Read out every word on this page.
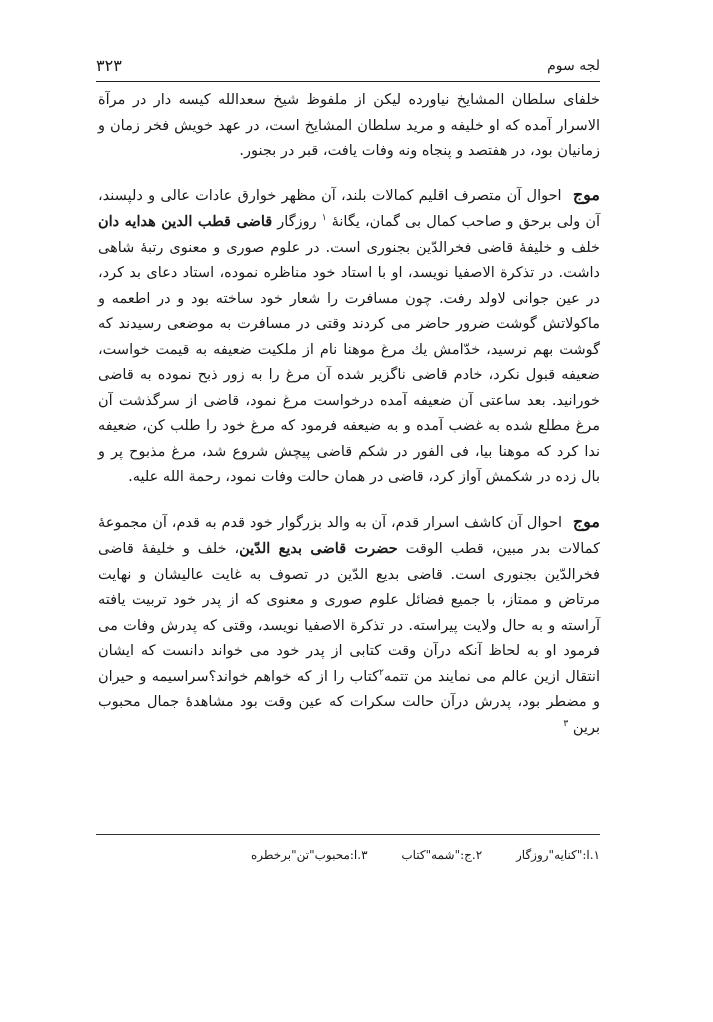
لجه سوم
۳۲۳

خلفای سلطان المشایخ نیاورده لیکن از ملفوظ شیخ سعدالله کیسه دار در مرآة الاسرار آمده که او خلیفه و مرید سلطان المشایخ است، در عهد خویش فخر زمان و زمانیان بود، در هفتصد و پنجاه ونه وفات یافت، قبر در بجنور.

موج احوال آن متصرف اقلیم کمالات بلند، آن مظهر خوارق عادات عالی و دلپسند، آن ولی برحق و صاحب کمال بی گمان، یگانهٔ $^۱$ روزگار قاضی قطب الدین هدایه دان خلف و خلیفهٔ قاضی فخرالدّین بجنوری است. در علوم صوری و معنوی رتبهٔ شاهی داشت. در تذکرة الاصفیا نویسد، او با استاد خود مناظره نموده، استاد دعای بد کرد، در عین جوانی لاولد رفت. چون مسافرت را شعار خود ساخته بود و در اطعمه و ماکولاتش گوشت ضرور حاضر می کردند وقتی در مسافرت به موضعی رسیدند که گوشت بهم نرسید، خدّامش یك مرغ موهنا نام از ملکیت ضعیفه به قیمت خواست، ضعیفه قبول نکرد، خادم قاضی ناگزیر شده آن مرغ را به زور ذبح نموده به قاضی خورانید. بعد ساعتی آن ضعیفه آمده درخواست مرغ نمود، قاضی از سرگذشت آن مرغ مطلع شده به غضب آمده و به ضیعفه فرمود که مرغ خود را طلب کن، ضعیفه ندا کرد که موهنا بیا، فی الفور در شکم قاضی پیچش شروع شد، مرغ مذبوح پر و بال زده در شکمش آواز کرد، قاضی در همان حالت وفات نمود، رحمة الله علیه.

موج احوال آن کاشف اسرار قدم، آن به والد بزرگوار خود قدم به قدم، آن مجموعهٔ کمالات بدر مبین، قطب الوقت حضرت قاضی بدیع الدّین، خلف و خلیفهٔ قاضی فخرالدّین بجنوری است. قاضی بدیع الدّین در تصوف به غایت عالیشان و نهایت مرتاض و ممتاز، با جمیع فضائل علوم صوری و معنوی که از پدر خود تربیت یافته آراسته و به حال ولایت پیراسته. در تذکرة الاصفیا نویسد، وقتی که پدرش وفات می فرمود او به لحاظ آنکه درآن وقت کتابی از پدر خود می خواند دانست که ایشان انتقال ازین عالم می نمایند من تتمه$^۲$کتاب را از که خواهم خواند؟سراسیمه و حیران و مضطر بود، پدرش درآن حالت سکرات که عین وقت بود مشاهدهٔ جمال محبوب برین $^۳$

۱.ا:"کنایه"روزگار ۲.ج:"شمه"کتاب ۳.ا:محبوب"تن"برخطره
